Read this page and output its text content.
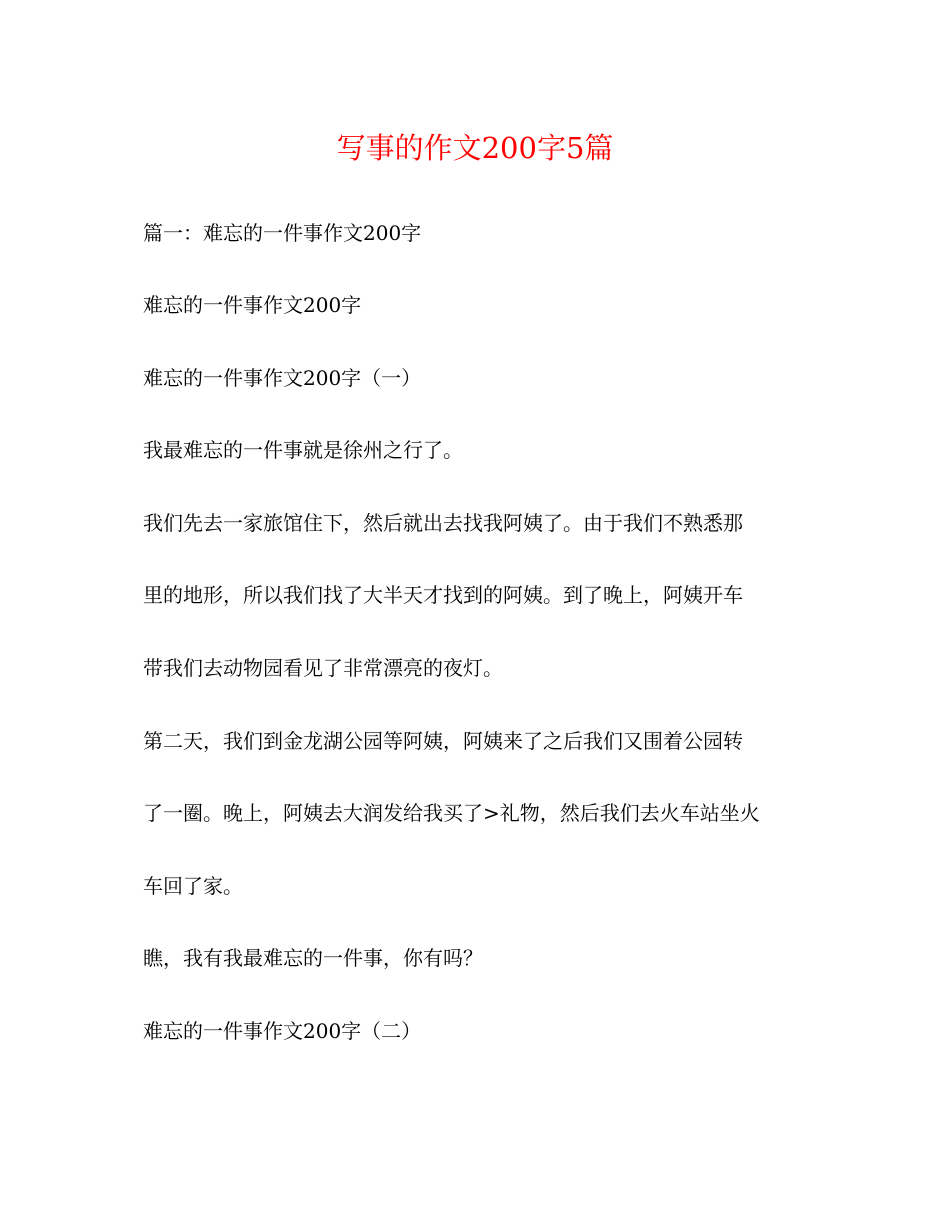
写事的作文200字5篇
篇一：难忘的一件事作文200字
难忘的一件事作文200字
难忘的一件事作文200字（一）
我最难忘的一件事就是徐州之行了。
我们先去一家旅馆住下，然后就出去找我阿姨了。由于我们不熟悉那
里的地形，所以我们找了大半天才找到的阿姨。到了晚上，阿姨开车
带我们去动物园看见了非常漂亮的夜灯。
第二天，我们到金龙湖公园等阿姨，阿姨来了之后我们又围着公园转
了一圈。晚上，阿姨去大润发给我买了>礼物，然后我们去火车站坐火
车回了家。
瞧，我有我最难忘的一件事，你有吗？
难忘的一件事作文200字（二）
